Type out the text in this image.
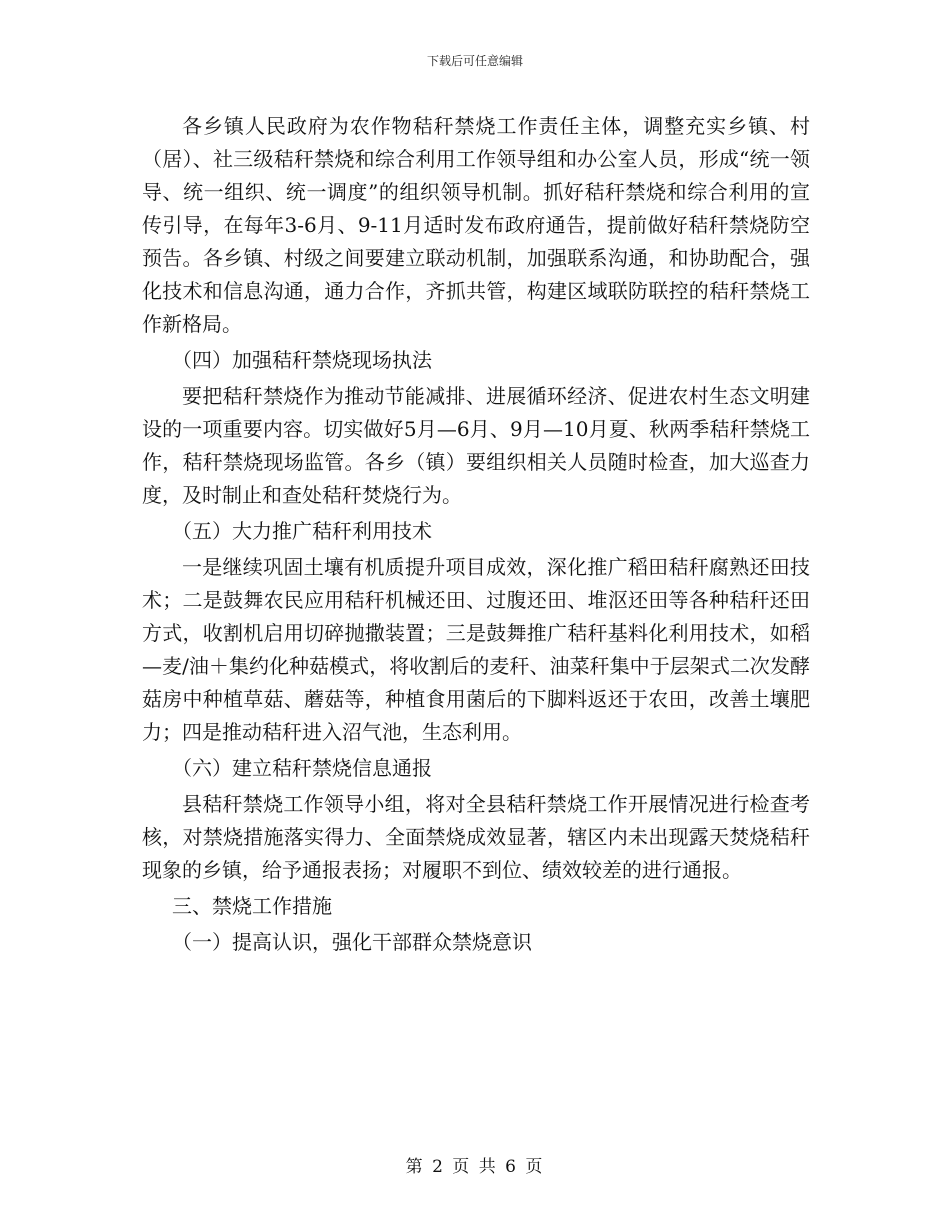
下载后可任意编辑

各乡镇人民政府为农作物秸秆禁烧工作责任主体，调整充实乡镇、村（居）、社三级秸秆禁烧和综合利用工作领导组和办公室人员，形成“统一领导、统一组织、统一调度”的组织领导机制。抓好秸秆禁烧和综合利用的宣传引导，在每年3-6月、9-11月适时发布政府通告，提前做好秸秆禁烧防空预告。各乡镇、村级之间要建立联动机制，加强联系沟通，和协助配合，强化技术和信息沟通，通力合作，齐抓共管，构建区域联防联控的秸秆禁烧工作新格局。

（四）加强秸秆禁烧现场执法

要把秸秆禁烧作为推动节能减排、进展循环经济、促进农村生态文明建设的一项重要内容。切实做好5月—6月、9月—10月夏、秋两季秸秆禁烧工作，秸秆禁烧现场监管。各乡（镇）要组织相关人员随时检查，加大巡查力度，及时制止和查处秸秆焚烧行为。

（五）大力推广秸秆利用技术

一是继续巩固土壤有机质提升项目成效，深化推广稻田秸秆腐熟还田技术；二是鼓舞农民应用秸秆机械还田、过腹还田、堆沤还田等各种秸秆还田方式，收割机启用切碎抛撒装置；三是鼓舞推广秸秆基料化利用技术，如稻—麦/油＋集约化种菇模式，将收割后的麦秆、油菜秆集中于层架式二次发酵菇房中种植草菇、蘑菇等，种植食用菌后的下脚料返还于农田，改善土壤肥力；四是推动秸秆进入沼气池，生态利用。

（六）建立秸秆禁烧信息通报

县秸秆禁烧工作领导小组，将对全县秸秆禁烧工作开展情况进行检查考核，对禁烧措施落实得力、全面禁烧成效显著，辖区内未出现露天焚烧秸秆现象的乡镇，给予通报表扬；对履职不到位、绩效较差的进行通报。

三、禁烧工作措施

（一）提高认识，强化干部群众禁烧意识

第 2 页 共 6 页
